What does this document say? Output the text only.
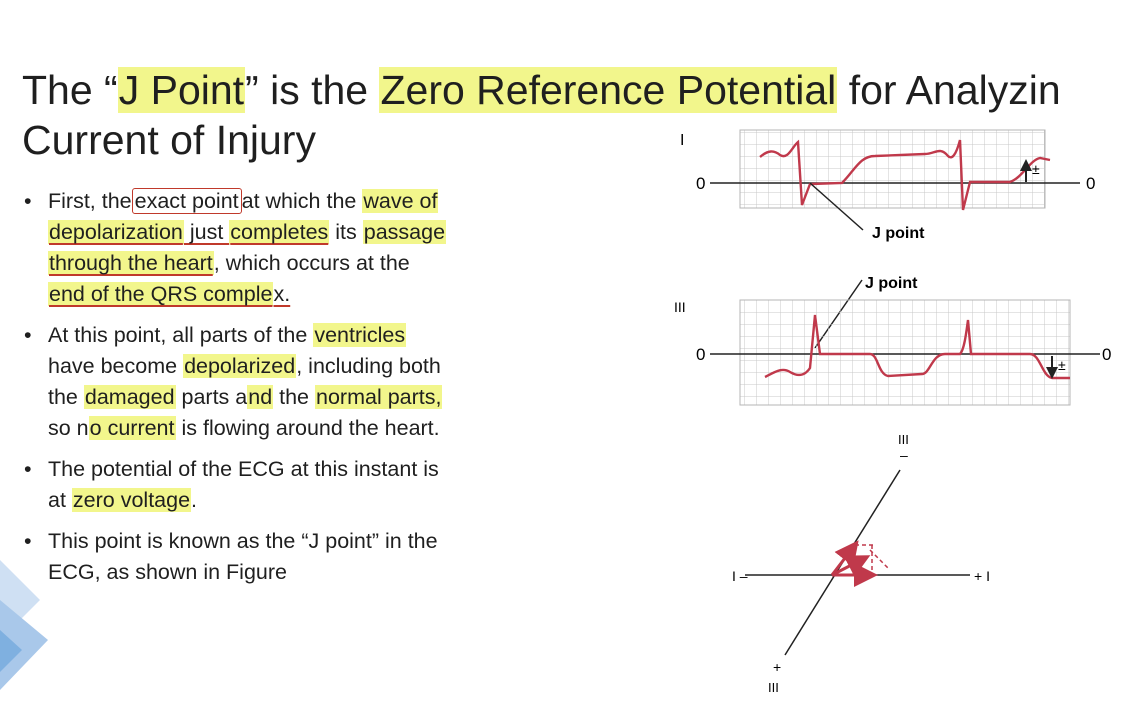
The “J Point” is the Zero Reference Potential for Analyzin
Current of Injury
• First, the exact point at which the wave of
depolarization just completes its passage
through the heart, which occurs at the
end of the QRS complex.
• At this point, all parts of the ventricles
have become depolarized, including both
the damaged parts and the normal parts,
so no current is flowing around the heart.
• The potential of the ECG at this instant is
at zero voltage.
• This point is known as the “J point” in the
ECG, as shown in Figure
I
0	0
J point
±
J point
III
0	0
±
III
–
I –	+ I
+
III
